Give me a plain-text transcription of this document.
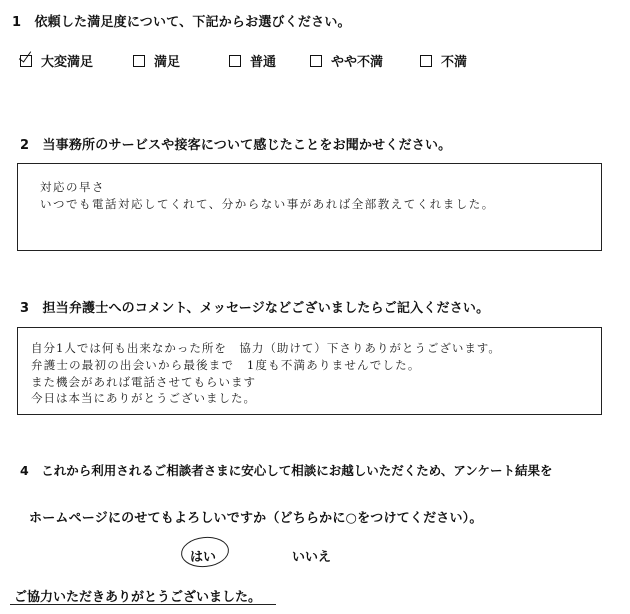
1　依頼した満足度について、下記からお選びください。
大変満足	満足	普通	やや不満	不満
2　当事務所のサービスや接客について感じたことをお聞かせください。
対応の早さ
いつでも電話対応してくれて、分からない事があれば全部教えてくれました。
3　担当弁護士へのコメント、メッセージなどございましたらご記入ください。
自分1人では何も出来なかった所を　協力（助けて）下さりありがとうございます。
弁護士の最初の出会いから最後まで　1度も不満ありませんでした。
また機会があれば電話させてもらいます
今日は本当にありがとうございました。
4　これから利用されるご相談者さまに安心して相談にお越しいただくため、アンケート結果を
ホームページにのせてもよろしいですか（どちらかに○をつけてください）。
はい	いいえ
ご協力いただきありがとうございました。
